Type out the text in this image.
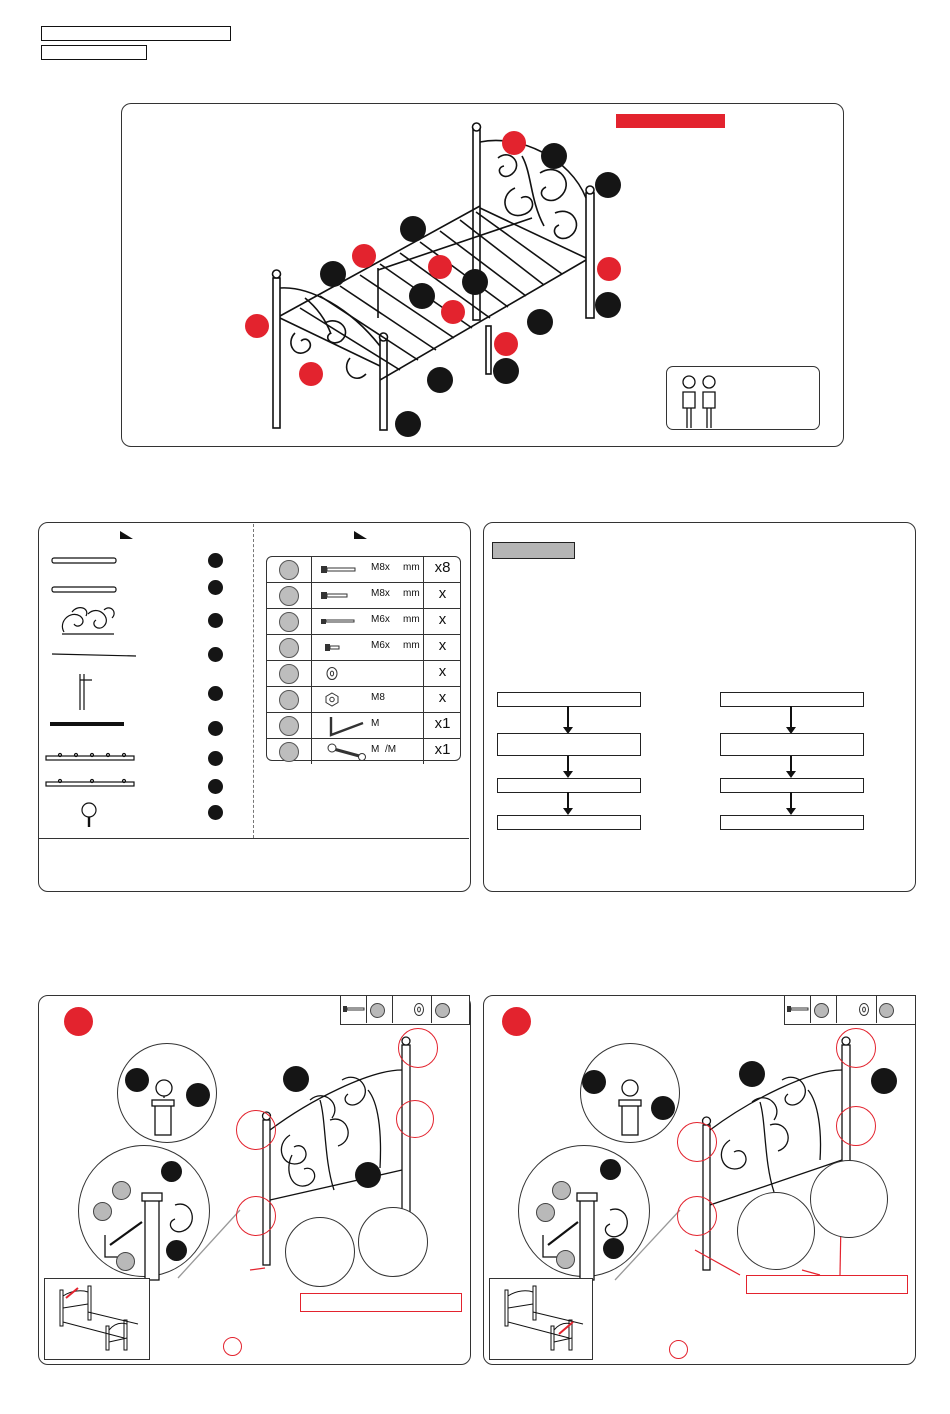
M8x mm x8
M8x mm	x
M6x mm	x
M6x mm	x
x
M8	x
M	x1
M /M	x1
